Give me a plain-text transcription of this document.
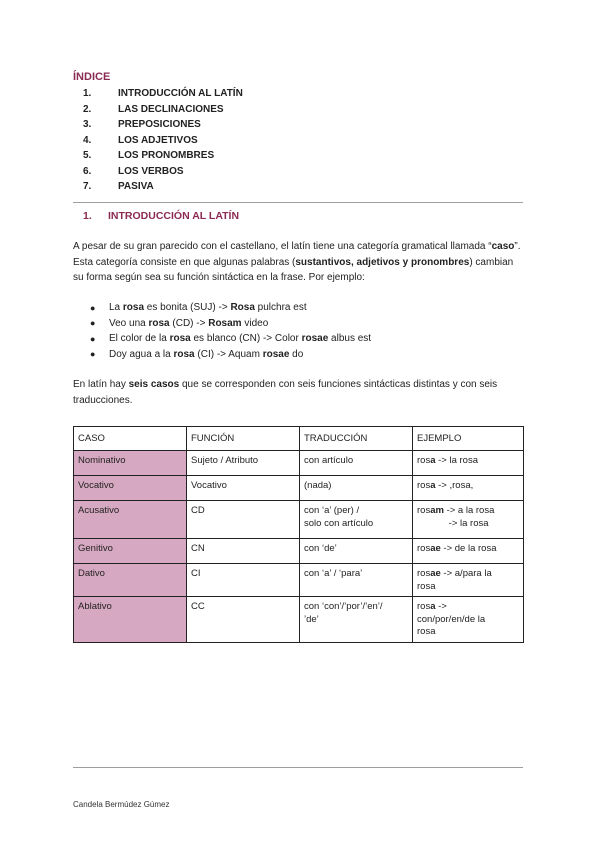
ÍNDICE
1.	INTRODUCCIÓN AL LATÍN
2.	LAS DECLINACIONES
3.	PREPOSICIONES
4.	LOS ADJETIVOS
5.	LOS PRONOMBRES
6.	LOS VERBOS
7.	PASIVA
1.	INTRODUCCIÓN AL LATÍN

A pesar de su gran parecido con el castellano, el latín tiene una categoría gramatical llamada “caso”. Esta categoría consiste en que algunas palabras (sustantivos, adjetivos y pronombres) cambian su forma según sea su función sintáctica en la frase. Por ejemplo:

●	La rosa es bonita (SUJ) -> Rosa pulchra est
●	Veo una rosa (CD) -> Rosam video
●	El color de la rosa es blanco (CN) -> Color rosae albus est
●	Doy agua a la rosa (CI) -> Aquam rosae do

En latín hay seis casos que se corresponden con seis funciones sintácticas distintas y con seis traducciones.

CASO	FUNCIÓN	TRADUCCIÓN	EJEMPLO
Nominativo	Sujeto / Atributo	con artículo	rosa -> la rosa
Vocativo	Vocativo	(nada)	rosa -> ,rosa,
Acusativo	CD	con ‘a’ (per) /
solo con artículo	rosam -> a la rosa
-> la rosa
Genitivo	CN	con ‘de’	rosae -> de la rosa
Dativo	CI	con ‘a’ / ‘para’	rosae -> a/para la
rosa
Ablativo	CC	con ‘con’/’por’/’en’/
’de’	rosa ->
con/por/en/de la
rosa
Candela Bermúdez Gúmez
